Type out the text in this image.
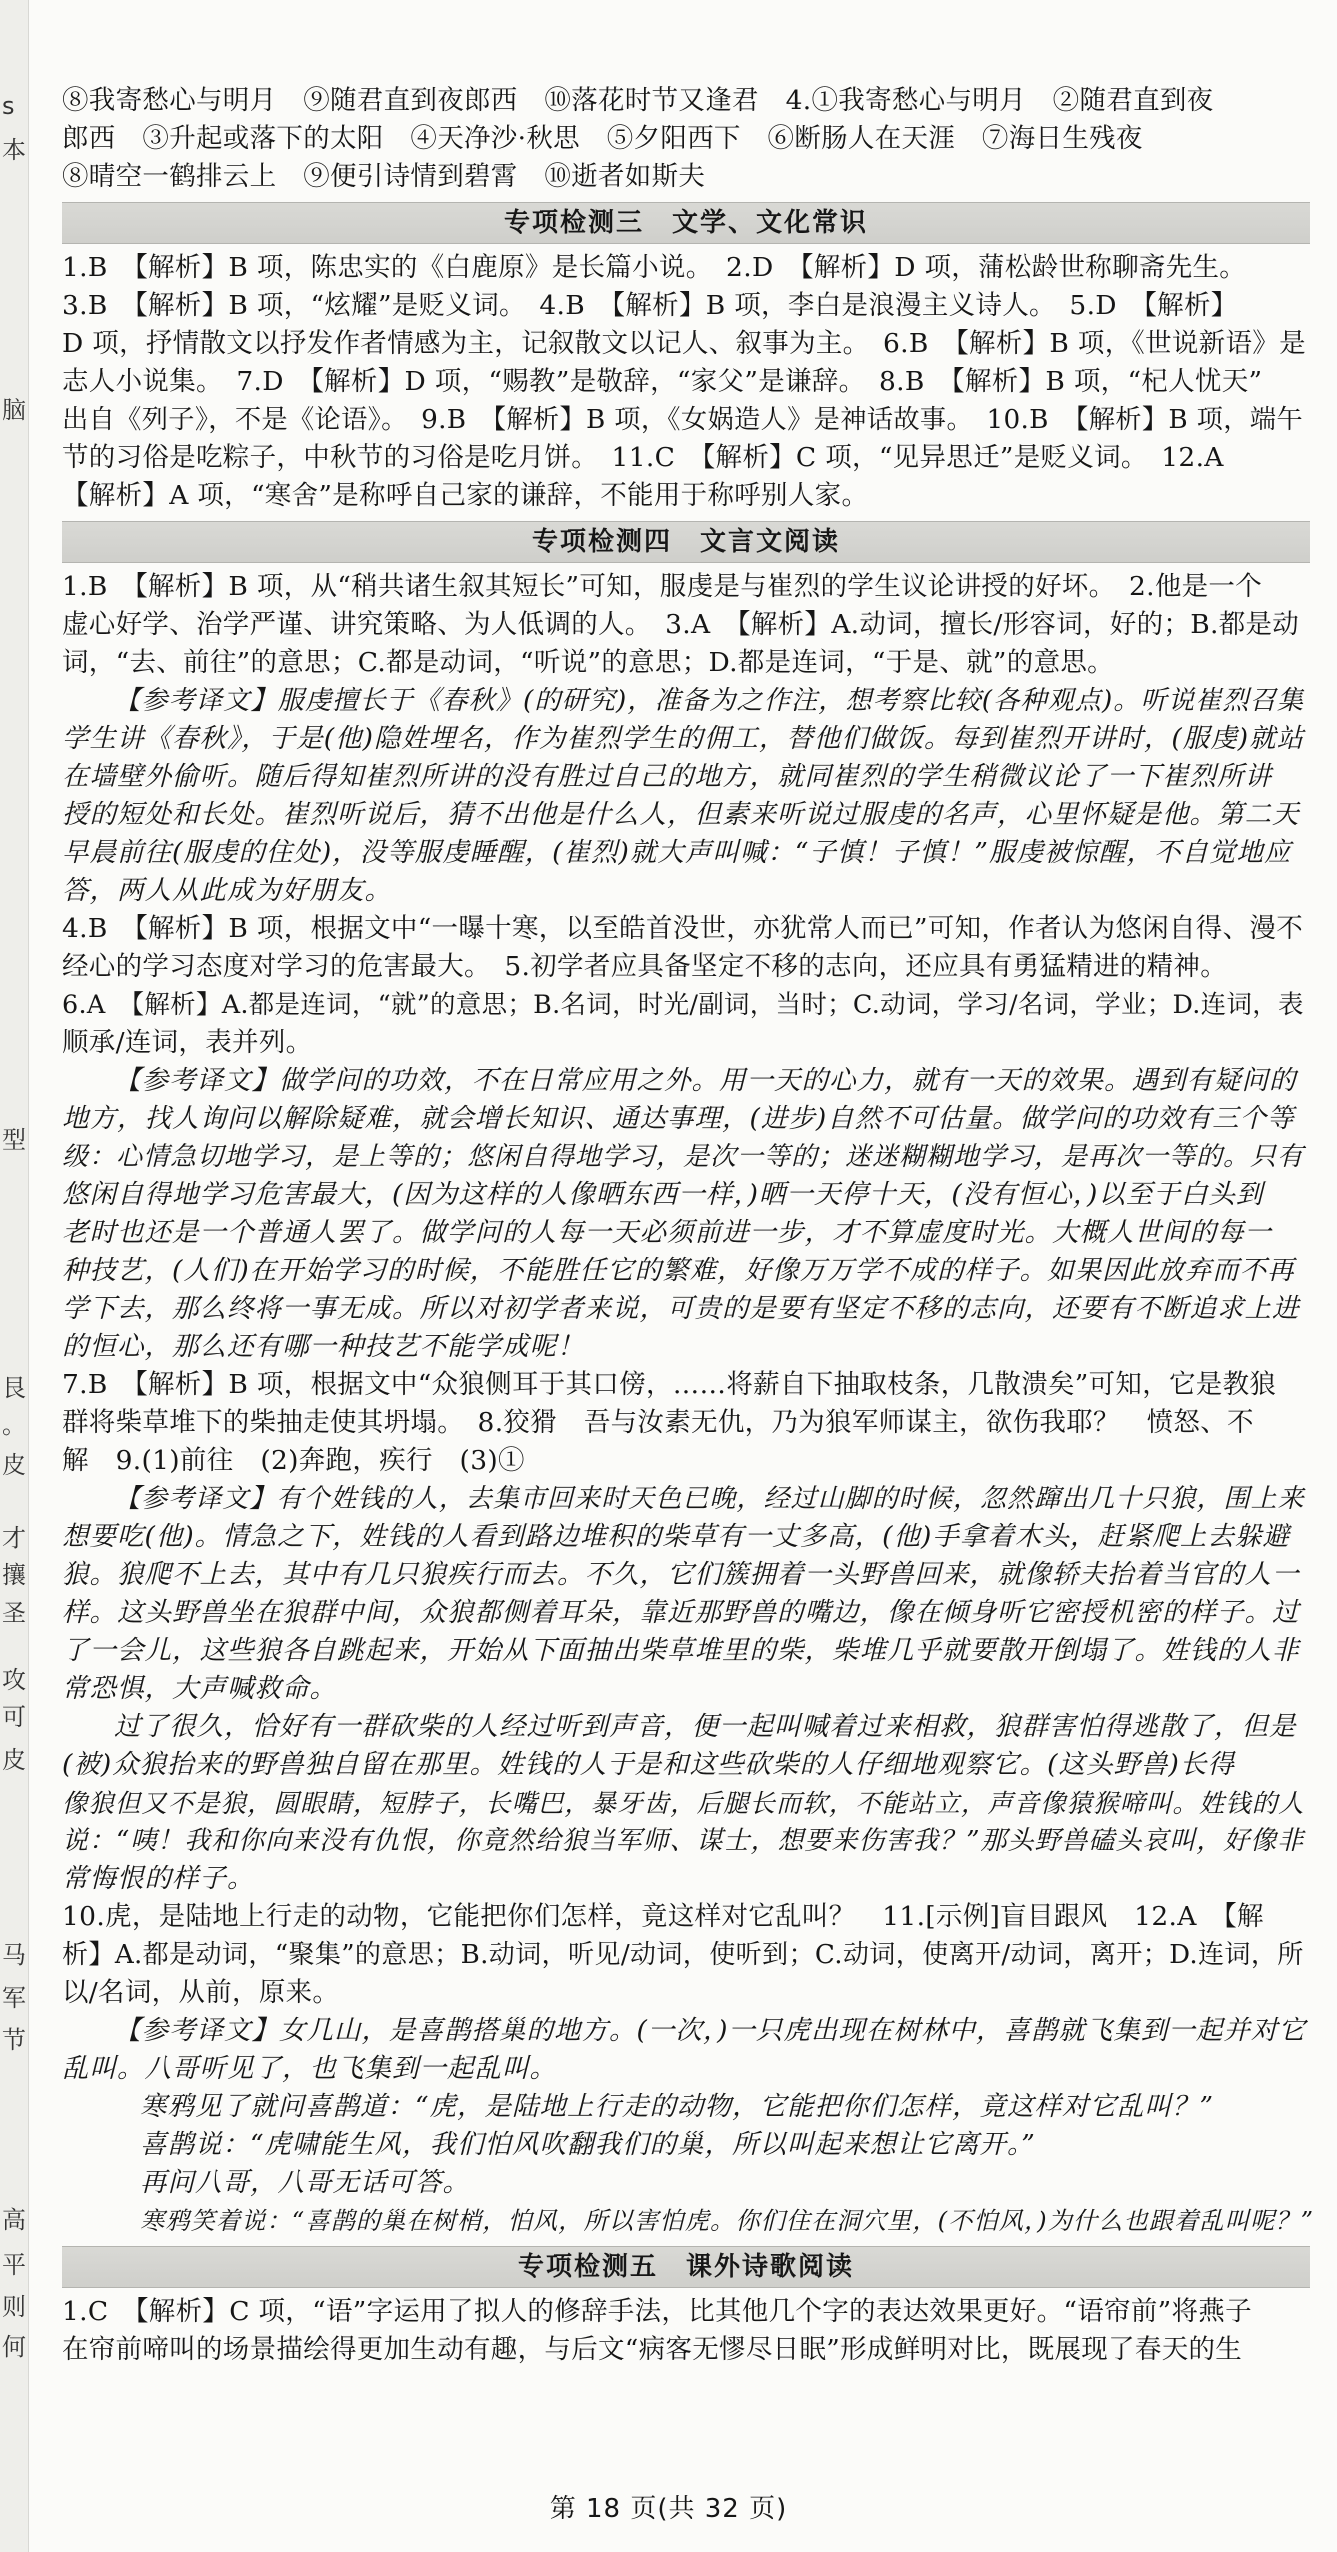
s
本
脑
型
艮
。
皮
才
攘
圣
攻
可
皮
马
军
节
高
平
则
何
⑧我寄愁心与明月　⑨随君直到夜郎西　⑩落花时节又逢君　4.①我寄愁心与明月　②随君直到夜
郎西　③升起或落下的太阳　④天净沙·秋思　⑤夕阳西下　⑥断肠人在天涯　⑦海日生残夜
⑧晴空一鹤排云上　⑨便引诗情到碧霄　⑩逝者如斯夫
专项检测三　文学、文化常识
1.B　【解析】B 项，陈忠实的《白鹿原》是长篇小说。　2.D　【解析】D 项，蒲松龄世称聊斋先生。
3.B　【解析】B 项，“炫耀”是贬义词。　4.B　【解析】B 项，李白是浪漫主义诗人。　5.D　【解析】
D 项，抒情散文以抒发作者情感为主，记叙散文以记人、叙事为主。　6.B　【解析】B 项，《世说新语》是
志人小说集。　7.D　【解析】D 项，“赐教”是敬辞，“家父”是谦辞。　8.B　【解析】B 项，“杞人忧天”
出自《列子》，不是《论语》。　9.B　【解析】B 项，《女娲造人》是神话故事。　10.B　【解析】B 项，端午
节的习俗是吃粽子，中秋节的习俗是吃月饼。　11.C　【解析】C 项，“见异思迁”是贬义词。　12.A
【解析】A 项，“寒舍”是称呼自己家的谦辞，不能用于称呼别人家。
专项检测四　文言文阅读
1.B　【解析】B 项，从“稍共诸生叙其短长”可知，服虔是与崔烈的学生议论讲授的好坏。　2.他是一个
虚心好学、治学严谨、讲究策略、为人低调的人。　3.A　【解析】A.动词，擅长/形容词，好的；B.都是动
词，“去、前往”的意思；C.都是动词，“听说”的意思；D.都是连词，“于是、就”的意思。
【参考译文】服虔擅长于《春秋》(的研究)，准备为之作注，想考察比较(各种观点)。听说崔烈召集
学生讲《春秋》，于是(他)隐姓埋名，作为崔烈学生的佣工，替他们做饭。每到崔烈开讲时，(服虔)就站
在墙壁外偷听。随后得知崔烈所讲的没有胜过自己的地方，就同崔烈的学生稍微议论了一下崔烈所讲
授的短处和长处。崔烈听说后，猜不出他是什么人，但素来听说过服虔的名声，心里怀疑是他。第二天
早晨前往(服虔的住处)，没等服虔睡醒，(崔烈)就大声叫喊：“子慎！子慎！”服虔被惊醒，不自觉地应
答，两人从此成为好朋友。
4.B　【解析】B 项，根据文中“一曝十寒，以至皓首没世，亦犹常人而已”可知，作者认为悠闲自得、漫不
经心的学习态度对学习的危害最大。　5.初学者应具备坚定不移的志向，还应具有勇猛精进的精神。
6.A　【解析】A.都是连词，“就”的意思；B.名词，时光/副词，当时；C.动词，学习/名词，学业；D.连词，表
顺承/连词，表并列。
【参考译文】做学问的功效，不在日常应用之外。用一天的心力，就有一天的效果。遇到有疑问的
地方，找人询问以解除疑难，就会增长知识、通达事理，(进步)自然不可估量。做学问的功效有三个等
级：心情急切地学习，是上等的；悠闲自得地学习，是次一等的；迷迷糊糊地学习，是再次一等的。只有
悠闲自得地学习危害最大，(因为这样的人像晒东西一样，)晒一天停十天，(没有恒心，)以至于白头到
老时也还是一个普通人罢了。做学问的人每一天必须前进一步，才不算虚度时光。大概人世间的每一
种技艺，(人们)在开始学习的时候，不能胜任它的繁难，好像万万学不成的样子。如果因此放弃而不再
学下去，那么终将一事无成。所以对初学者来说，可贵的是要有坚定不移的志向，还要有不断追求上进
的恒心，那么还有哪一种技艺不能学成呢！
7.B　【解析】B 项，根据文中“众狼侧耳于其口傍，……将薪自下抽取枝条，几散溃矣”可知，它是教狼
群将柴草堆下的柴抽走使其坍塌。　8.狡猾　吾与汝素无仇，乃为狼军师谋主，欲伤我耶？　愤怒、不
解　9.(1)前往　(2)奔跑，疾行　(3)①
【参考译文】有个姓钱的人，去集市回来时天色已晚，经过山脚的时候，忽然蹿出几十只狼，围上来
想要吃(他)。情急之下，姓钱的人看到路边堆积的柴草有一丈多高，(他)手拿着木头，赶紧爬上去躲避
狼。狼爬不上去，其中有几只狼疾行而去。不久，它们簇拥着一头野兽回来，就像轿夫抬着当官的人一
样。这头野兽坐在狼群中间，众狼都侧着耳朵，靠近那野兽的嘴边，像在倾身听它密授机密的样子。过
了一会儿，这些狼各自跳起来，开始从下面抽出柴草堆里的柴，柴堆几乎就要散开倒塌了。姓钱的人非
常恐惧，大声喊救命。
过了很久，恰好有一群砍柴的人经过听到声音，便一起叫喊着过来相救，狼群害怕得逃散了，但是
(被)众狼抬来的野兽独自留在那里。姓钱的人于是和这些砍柴的人仔细地观察它。(这头野兽)长得
像狼但又不是狼，圆眼睛，短脖子，长嘴巴，暴牙齿，后腿长而软，不能站立，声音像猿猴啼叫。姓钱的人
说：“咦！我和你向来没有仇恨，你竟然给狼当军师、谋士，想要来伤害我？”那头野兽磕头哀叫，好像非
常悔恨的样子。
10.虎，是陆地上行走的动物，它能把你们怎样，竟这样对它乱叫？　11.[示例]盲目跟风　12.A　【解
析】A.都是动词，“聚集”的意思；B.动词，听见/动词，使听到；C.动词，使离开/动词，离开；D.连词，所
以/名词，从前，原来。
【参考译文】女几山，是喜鹊搭巢的地方。(一次，)一只虎出现在树林中，喜鹊就飞集到一起并对它
乱叫。八哥听见了，也飞集到一起乱叫。
寒鸦见了就问喜鹊道：“虎，是陆地上行走的动物，它能把你们怎样，竟这样对它乱叫？”
喜鹊说：“虎啸能生风，我们怕风吹翻我们的巢，所以叫起来想让它离开。”
再问八哥，八哥无话可答。
寒鸦笑着说：“喜鹊的巢在树梢，怕风，所以害怕虎。你们住在洞穴里，(不怕风，)为什么也跟着乱叫呢？”
专项检测五　课外诗歌阅读
1.C　【解析】C 项，“语”字运用了拟人的修辞手法，比其他几个字的表达效果更好。“语帘前”将燕子
在帘前啼叫的场景描绘得更加生动有趣，与后文“病客无憀尽日眠”形成鲜明对比，既展现了春天的生
第 18 页(共 32 页)
